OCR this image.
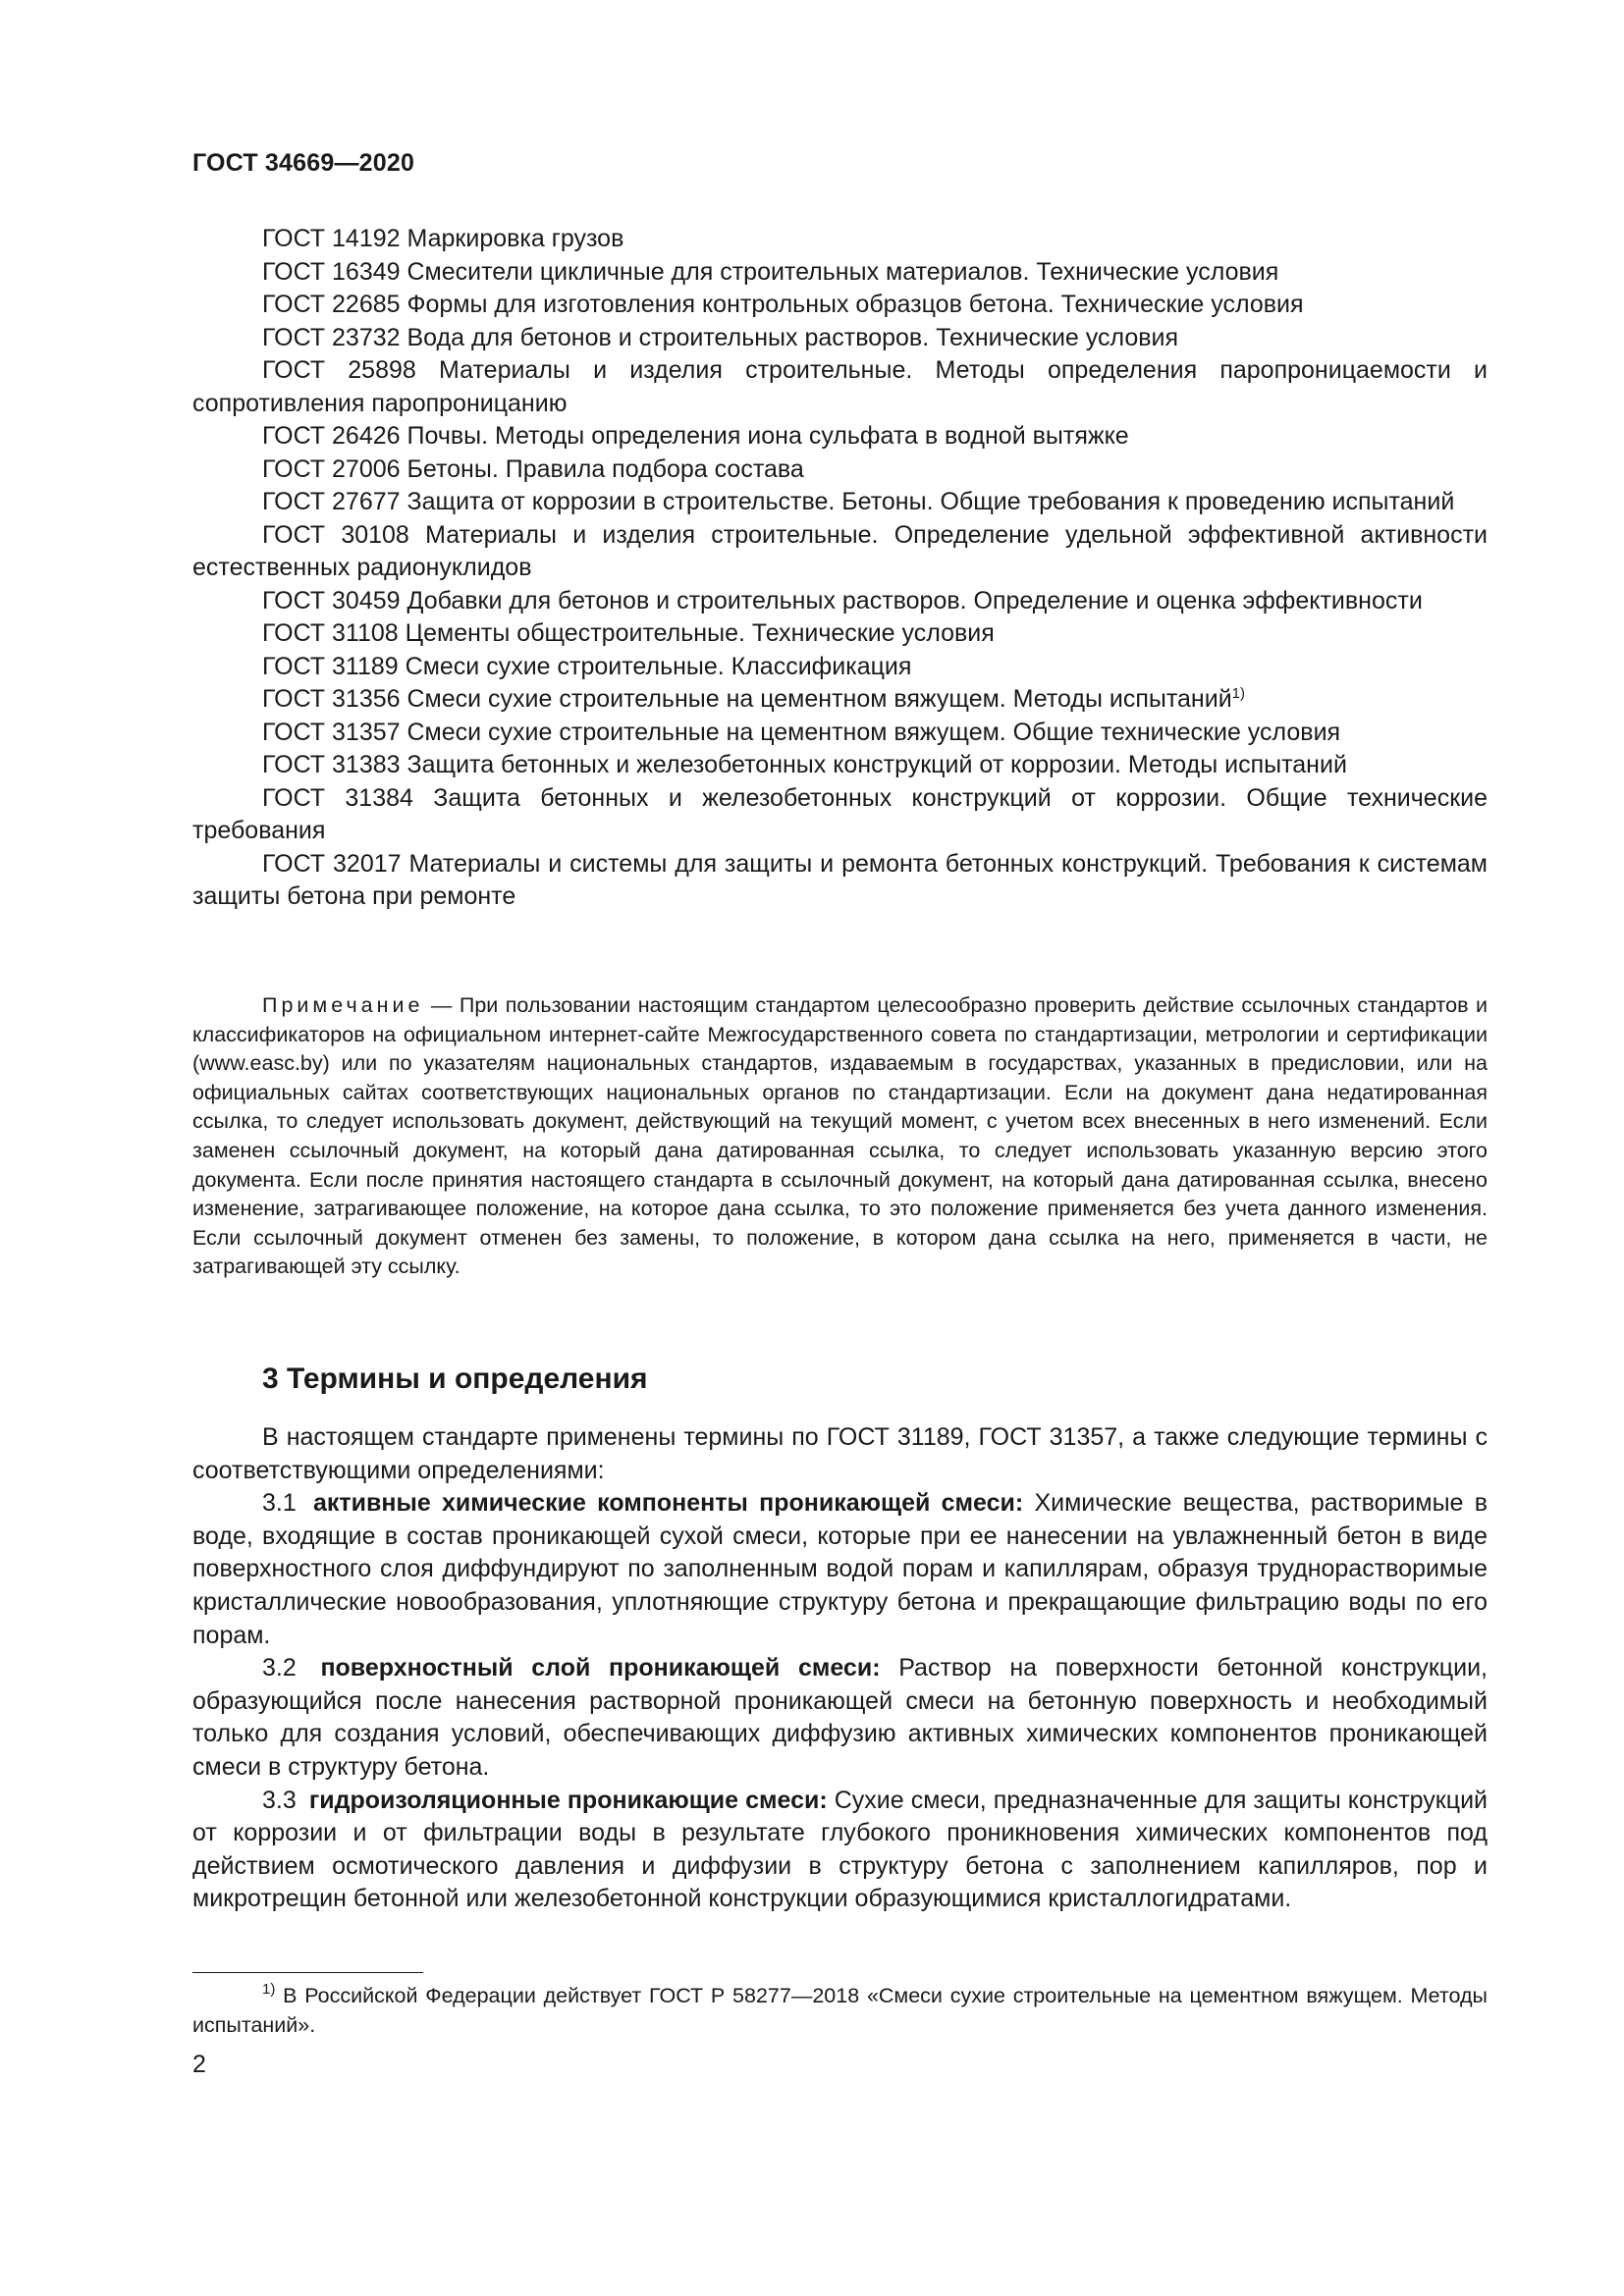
ГОСТ 34669—2020

ГОСТ 14192 Маркировка грузов

ГОСТ 16349 Смесители цикличные для строительных материалов. Технические условия

ГОСТ 22685 Формы для изготовления контрольных образцов бетона. Технические условия

ГОСТ 23732 Вода для бетонов и строительных растворов. Технические условия

ГОСТ 25898 Материалы и изделия строительные. Методы определения паропроницаемости и сопротивления паропроницанию

ГОСТ 26426 Почвы. Методы определения иона сульфата в водной вытяжке

ГОСТ 27006 Бетоны. Правила подбора состава

ГОСТ 27677 Защита от коррозии в строительстве. Бетоны. Общие требования к проведению испытаний

ГОСТ 30108 Материалы и изделия строительные. Определение удельной эффективной активности естественных радионуклидов

ГОСТ 30459 Добавки для бетонов и строительных растворов. Определение и оценка эффективности

ГОСТ 31108 Цементы общестроительные. Технические условия

ГОСТ 31189 Смеси сухие строительные. Классификация

ГОСТ 31356 Смеси сухие строительные на цементном вяжущем. Методы испытаний$^{1)}$

ГОСТ 31357 Смеси сухие строительные на цементном вяжущем. Общие технические условия

ГОСТ 31383 Защита бетонных и железобетонных конструкций от коррозии. Методы испытаний

ГОСТ 31384 Защита бетонных и железобетонных конструкций от коррозии. Общие технические требования

ГОСТ 32017 Материалы и системы для защиты и ремонта бетонных конструкций. Требования к системам защиты бетона при ремонте

Примечание — При пользовании настоящим стандартом целесообразно проверить действие ссылочных стандартов и классификаторов на официальном интернет-сайте Межгосударственного совета по стандартизации, метрологии и сертификации (www.easc.by) или по указателям национальных стандартов, издаваемым в государствах, указанных в предисловии, или на официальных сайтах соответствующих национальных органов по стандартизации. Если на документ дана недатированная ссылка, то следует использовать документ, действующий на текущий момент, с учетом всех внесенных в него изменений. Если заменен ссылочный документ, на который дана датированная ссылка, то следует использовать указанную версию этого документа. Если после принятия настоящего стандарта в ссылочный документ, на который дана датированная ссылка, внесено изменение, затрагивающее положение, на которое дана ссылка, то это положение применяется без учета данного изменения. Если ссылочный документ отменен без замены, то положение, в котором дана ссылка на него, применяется в части, не затрагивающей эту ссылку.

3 Термины и определения

В настоящем стандарте применены термины по ГОСТ 31189, ГОСТ 31357, а также следующие термины с соответствующими определениями:

3.1 активные химические компоненты проникающей смеси: Химические вещества, растворимые в воде, входящие в состав проникающей сухой смеси, которые при ее нанесении на увлажненный бетон в виде поверхностного слоя диффундируют по заполненным водой порам и капиллярам, образуя труднорастворимые кристаллические новообразования, уплотняющие структуру бетона и прекращающие фильтрацию воды по его порам.

3.2 поверхностный слой проникающей смеси: Раствор на поверхности бетонной конструкции, образующийся после нанесения растворной проникающей смеси на бетонную поверхность и необходимый только для создания условий, обеспечивающих диффузию активных химических компонентов проникающей смеси в структуру бетона.

3.3 гидроизоляционные проникающие смеси: Сухие смеси, предназначенные для защиты конструкций от коррозии и от фильтрации воды в результате глубокого проникновения химических компонентов под действием осмотического давления и диффузии в структуру бетона с заполнением капилляров, пор и микротрещин бетонной или железобетонной конструкции образующимися кристаллогидратами.

$^{1)}$ В Российской Федерации действует ГОСТ Р 58277—2018 «Смеси сухие строительные на цементном вяжущем. Методы испытаний».

2
